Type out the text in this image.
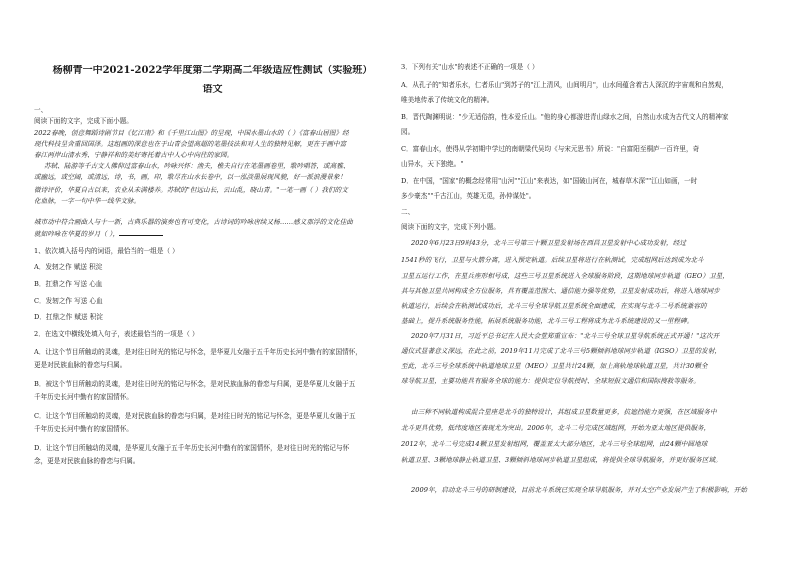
杨柳青一中2021-2022学年度第二学期高二年级适应性测试（实验班）
语文
一、
阅读下面的文字，完成下面小题。
2022春晚，创意舞蹈诗剧节目《忆江南》和《千里江山图》的呈现，中国水墨山水的（ ）《富春山居图》经
现代科技呈舍重回国泽。这组画的深意也在于山青会望高超的笔墨技法和对人生的独特见解，更在于画中富
春江两岸山清水秀、宁静祥和的美好寄托着古中人心中向往的家园。
苏轼、陆游等千古文人佛仰过富春山水，吟咏兴怀：渔夫，樵夫自行在笔墨画卷里，歌吟唱答，或高雅、
或幽远，或空阔，或清远，诗，书，画，印，歌尽在山水长卷中，以一泓淡墨展现风貌，好一派浪漫景象！
微诗评价，华夏自古以来，农业从未满楼养。苏轼的"但远山长，云山乱，晓山青。"一笔一画（ ）我们的文
化血脉，一字一句中华一线华文脉。
城市动中符合画曲人与十一新，古典乐器的演奏也有可变化，古诗词的吟咏唐续又杨……感义那浮的文化佳曲
就如吟咏在华夏的岁月（ ），
1、依次填入括号内的词语，最恰当的一组是（ ）
A．发轫之作 赋送 积淀
B．扛鼎之作 写送 心血
C．发轫之作 写送 心血
D．扛鼎之作 赋送 积淀
2．在选文中横线处填入句子，表述最恰当的一项是（ ）
A．让这个节目所触动的灵魂，是对往日时光的铭记与怀念，是华夏儿女融于五千年历史长河中勤有的家国情怀，
更是对民族血脉的眷恋与归属。
B．被这个节目所触动的灵魂，是对往日时光的铭记与怀念，是对民族血脉的眷恋与归属，更是华夏儿女融于五
千年历史长河中勤有的家国情怀。
C．让这个节目所触动的灵魂，是对民族血脉的眷恋与归属，是对往日时光的铭记与怀念，更是华夏儿女融于五
千年历史长河中勤有的家国情怀。
D．让这个节目所触动的灵魂，是华夏儿女融于五千年历史长河中勤有的家国情怀，是对往日时光的铭记与怀
念，更是对民族血脉的眷恋与归属。
3．下列有关"山水"的表述不正确的一项是（ ）
A．从孔子的"知者乐水，仁者乐山"到苏子的"江上清风，山间明月"，山水间蕴含着古人深沉的宇宙观和自然观，
唯美地传承了传统文化的精神。
B．晋代陶渊明说："少无适俗韵，性本爱丘山。"他的身心都游进青山绿水之间，自然山水成为古代文人的精神家
园。
C．富春山水，使得从学初期中学过的南朝梁代吴均《与宋元思书》所说："自富阳至桐庐一百许里，奇
山异水，天下独绝。"
D．在中国，"国家"的概念经常用"山河""江山"来表达，如"国破山河在，城春草木深""江山如画，一时
多少豪杰""千古江山，英雄无觅，孙仲谋处"。
二、
阅读下面的文字，完成下列小题。
2020年6月23日9时43分，北斗三号第三十颗卫星发射场在西昌卫星发射中心成功发射，经过
1541秒的飞行，卫星与火箭分离，进入预定轨道。后续卫星将进行在轨测试，完成组网后达到成为北斗
卫星五运行工作，在星兵座形相号成，这些三号卫星系统进入全球服务阶段，这期地球同步轨道（GEO）卫星，
其与其他卫星共同构成全方位服务，具有覆盖范围大、通信能力强等优势，卫星发射成功后，将进入地球同步
轨道运行，后续会在轨测试成功后，北斗三号全球导航卫星系统全面建成，在实现与北斗二号系统兼容的
基础上，提升系统服务性能，拓展系统服务功能，北斗三号工程将成为北斗系统建设的又一里程碑。
2020年7月31日，习近平总书记在人民大会堂郑重宣布："北斗三号全球卫星导航系统正式开通！"这次开
通仪式显著意义深远，在此之前，2019年11月完成了北斗三号5颗倾斜地球同步轨道（IGSO）卫星的发射，
至此，北斗三号全球系统中轨道地球卫星（MEO）卫星共计24颗，加上高轨地球轨道卫星，共计30颗全
球导航卫星，主要功能具有服务全球的能力：提供定位导航授时、全球短报文通信和国际搜救等服务。
由三种不同轨道构成混合星座是北斗的独特设计，其组成卫星数量更多，抗遮挡能力更强，在区域服务中
北斗更具优势，低纬度地区表现尤为突出。2006年，北斗二号完成区域组网，开始为亚太地区提供服务，
2012年，北斗二号完成14颗卫星发射组网，覆盖亚太大部分地区，北斗三号全球组网，由24颗中圆地球
轨道卫星、3颗地球静止轨道卫星、3颗倾斜地球同步轨道卫星组成，将提供全球导航服务，并更好服务区域。
2009年，启动北斗三号的研制建设，目前北斗系统已实现全球导航服务，并对太空产业发展产生了积极影响，开始
